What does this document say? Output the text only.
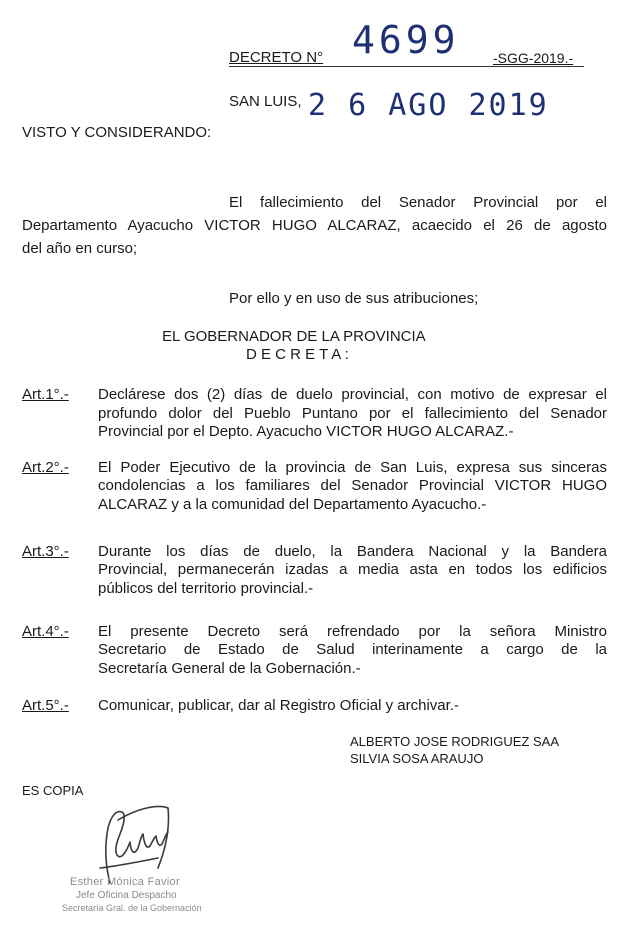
DECRETO N° 4699 -SGG-2019.-
SAN LUIS, 2 6 AGO 2019
VISTO Y CONSIDERANDO:
El fallecimiento del Senador Provincial por el
Departamento Ayacucho VICTOR HUGO ALCARAZ, acaecido el 26 de agosto
del año en curso;
Por ello y en uso de sus atribuciones;
EL GOBERNADOR DE LA PROVINCIA
D E C R E T A :
Art.1°.- Declárese dos (2) días de duelo provincial, con motivo de expresar el
profundo dolor del Pueblo Puntano por el fallecimiento del Senador
Provincial por el Depto. Ayacucho VICTOR HUGO ALCARAZ.-
Art.2°.- El Poder Ejecutivo de la provincia de San Luis, expresa sus sinceras
condolencias a los familiares del Senador Provincial VICTOR HUGO
ALCARAZ y a la comunidad del Departamento Ayacucho.-
Art.3°.- Durante los días de duelo, la Bandera Nacional y la Bandera
Provincial, permanecerán izadas a media asta en todos los edificios
públicos del territorio provincial.-
Art.4°.- El presente Decreto será refrendado por la señora Ministro
Secretario de Estado de Salud interinamente a cargo de la
Secretaría General de la Gobernación.-
Art.5°.- Comunicar, publicar, dar al Registro Oficial y archivar.-
ALBERTO JOSE RODRIGUEZ SAA
SILVIA SOSA ARAUJO
ES COPIA
Esther Mónica Favior
Jefe Oficina Despacho
Secretaría Gral. de la Gobernación
